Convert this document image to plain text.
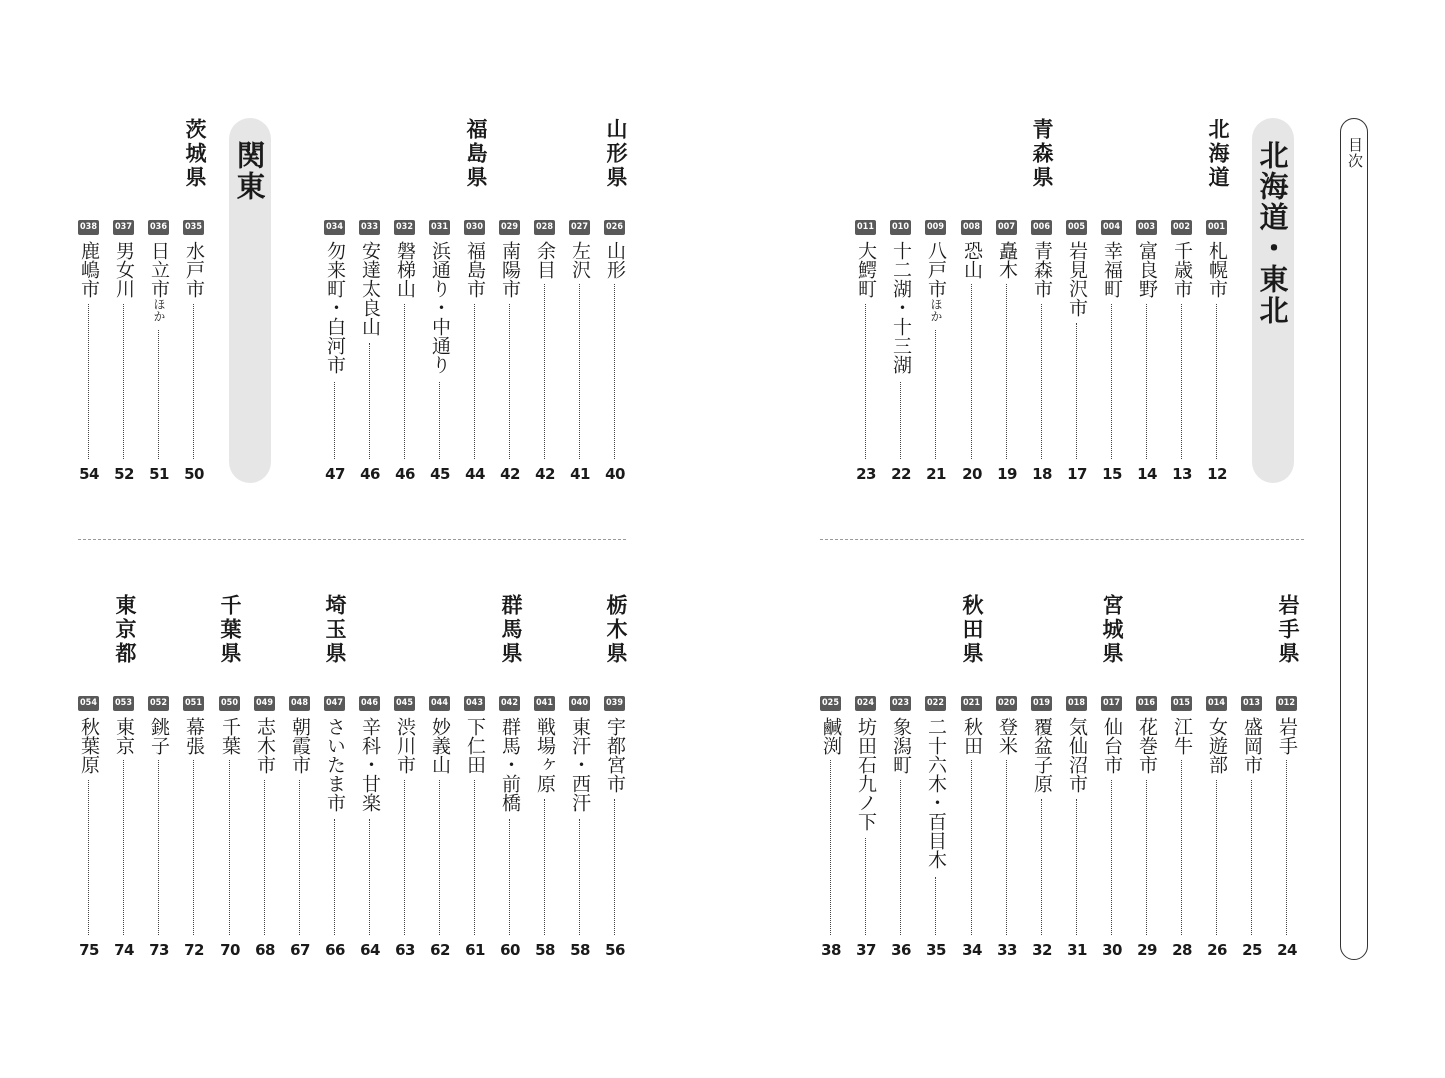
目次
北海道・東北
関東	北海道
青森県
岩手県
宮城県
秋田県
山形県
福島県
茨城県
栃木県
群馬県
埼玉県
千葉県
東京都
001
札幌市
12
002
千歳市
13
003
富良野
14
004
幸福町
15
005
岩見沢市
17
006
青森市
18
007
矗木
19
008
恐山
20
009
八戸市ほか
21
010
十二湖・十三湖
22
011
大鰐町
23
012
岩手
24
013
盛岡市
25
014
女遊部
26
015
江牛
28
016
花巻市
29
017
仙台市
30
018
気仙沼市
31
019
覆盆子原
32
020
登米
33
021
秋田
34
022
二十六木・百目木
35
023
象潟町
36
024
坊田石九ノ下
37
025
鹹渕
38
026
山形
40
027
左沢
41
028
余目
42
029
南陽市
42
030
福島市
44
031
浜通り・中通り
45
032
磐梯山
46
033
安達太良山
46
034
勿来町・白河市
47
035
水戸市
50
036
日立市ほか
51
037
男女川
52
038
鹿嶋市
54
039
宇都宮市
56
040
東汗・西汗
58
041
戦場ヶ原
58
042
群馬・前橋
60
043
下仁田
61
044
妙義山
62
045
渋川市
63
046
辛科・甘楽
64
047
さいたま市
66
048
朝霞市
67
049
志木市
68
050
千葉
70
051
幕張
72
052
銚子
73
053
東京
74
054
秋葉原
75
